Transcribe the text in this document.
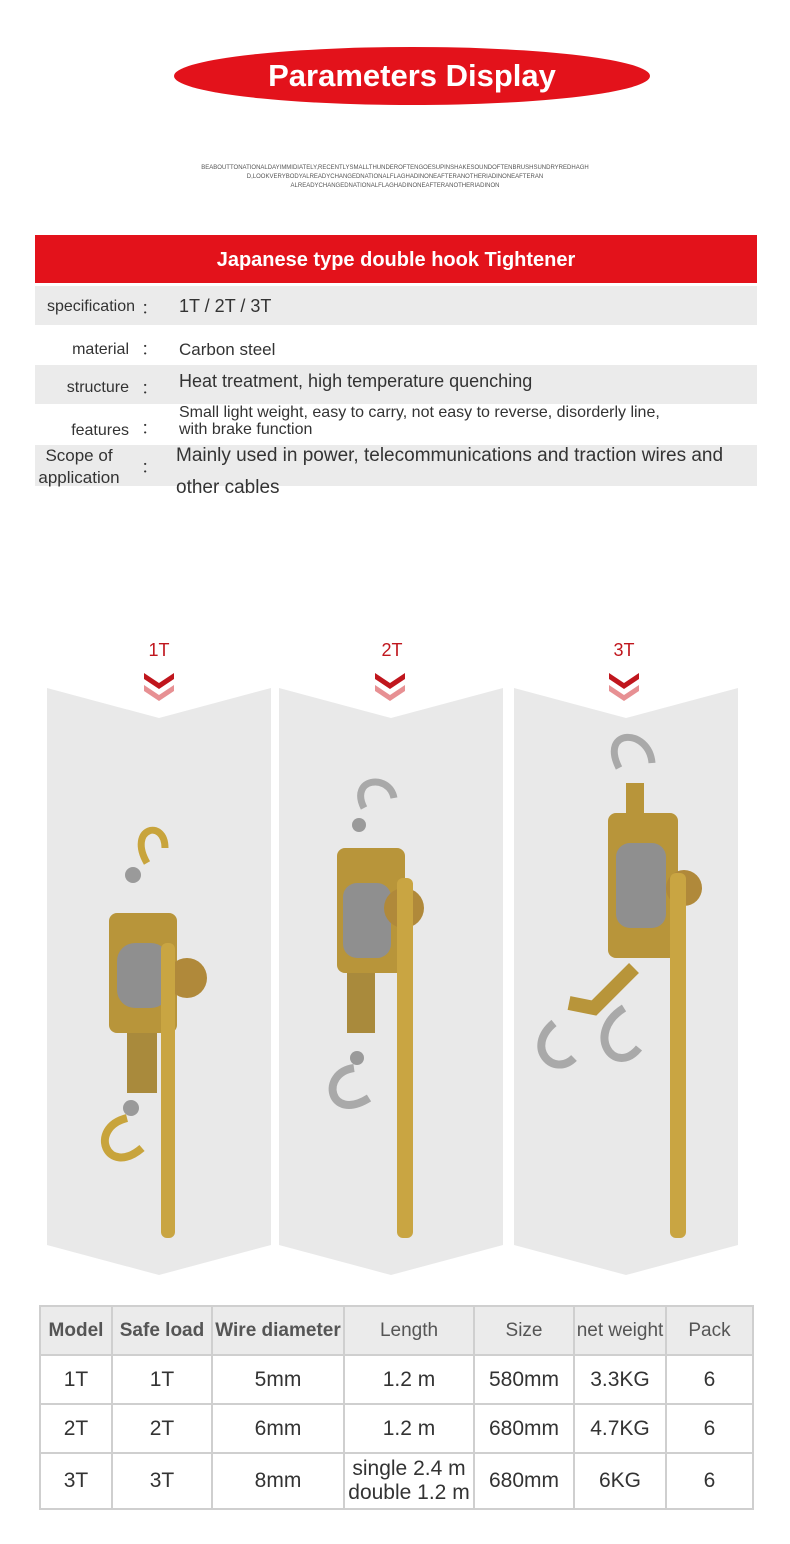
Parameters Display
BEABOUTTONATIONALDAYIMMIDIATELY,RECENTLYSMALLTHUNDEROFTENGOESUPINSHAKESOUNDOFTENBRUSHSUNDRYREDHAGH
D,LOOKVERYBODYALREADYCHANGEDNATIONALFLAGHADINONEAFTERANOTHERIADINONEAFTERAN
ALREADYCHANGEDNATIONALFLAGHADINONEAFTERANOTHERIADINON
Japanese type double hook Tightener
specification ： 1T / 2T / 3T
material ： Carbon steel
structure ： Heat treatment, high temperature quenching
features ：
Small light weight, easy to carry, not easy to reverse, disorderly line,
with brake function
Scope of
application
：
Mainly used in power, telecommunications and traction wires and
other cables
1T	2T	3T
Model	Safe load	Wire diameter	Length	Size	net weight	Pack
1T	1T	5mm	1.2 m	580mm	3.3KG	6
2T	2T	6mm	1.2 m	680mm	4.7KG	6
3T	3T	8mm	single 2.4 m
double 1.2 m	680mm	6KG	6
